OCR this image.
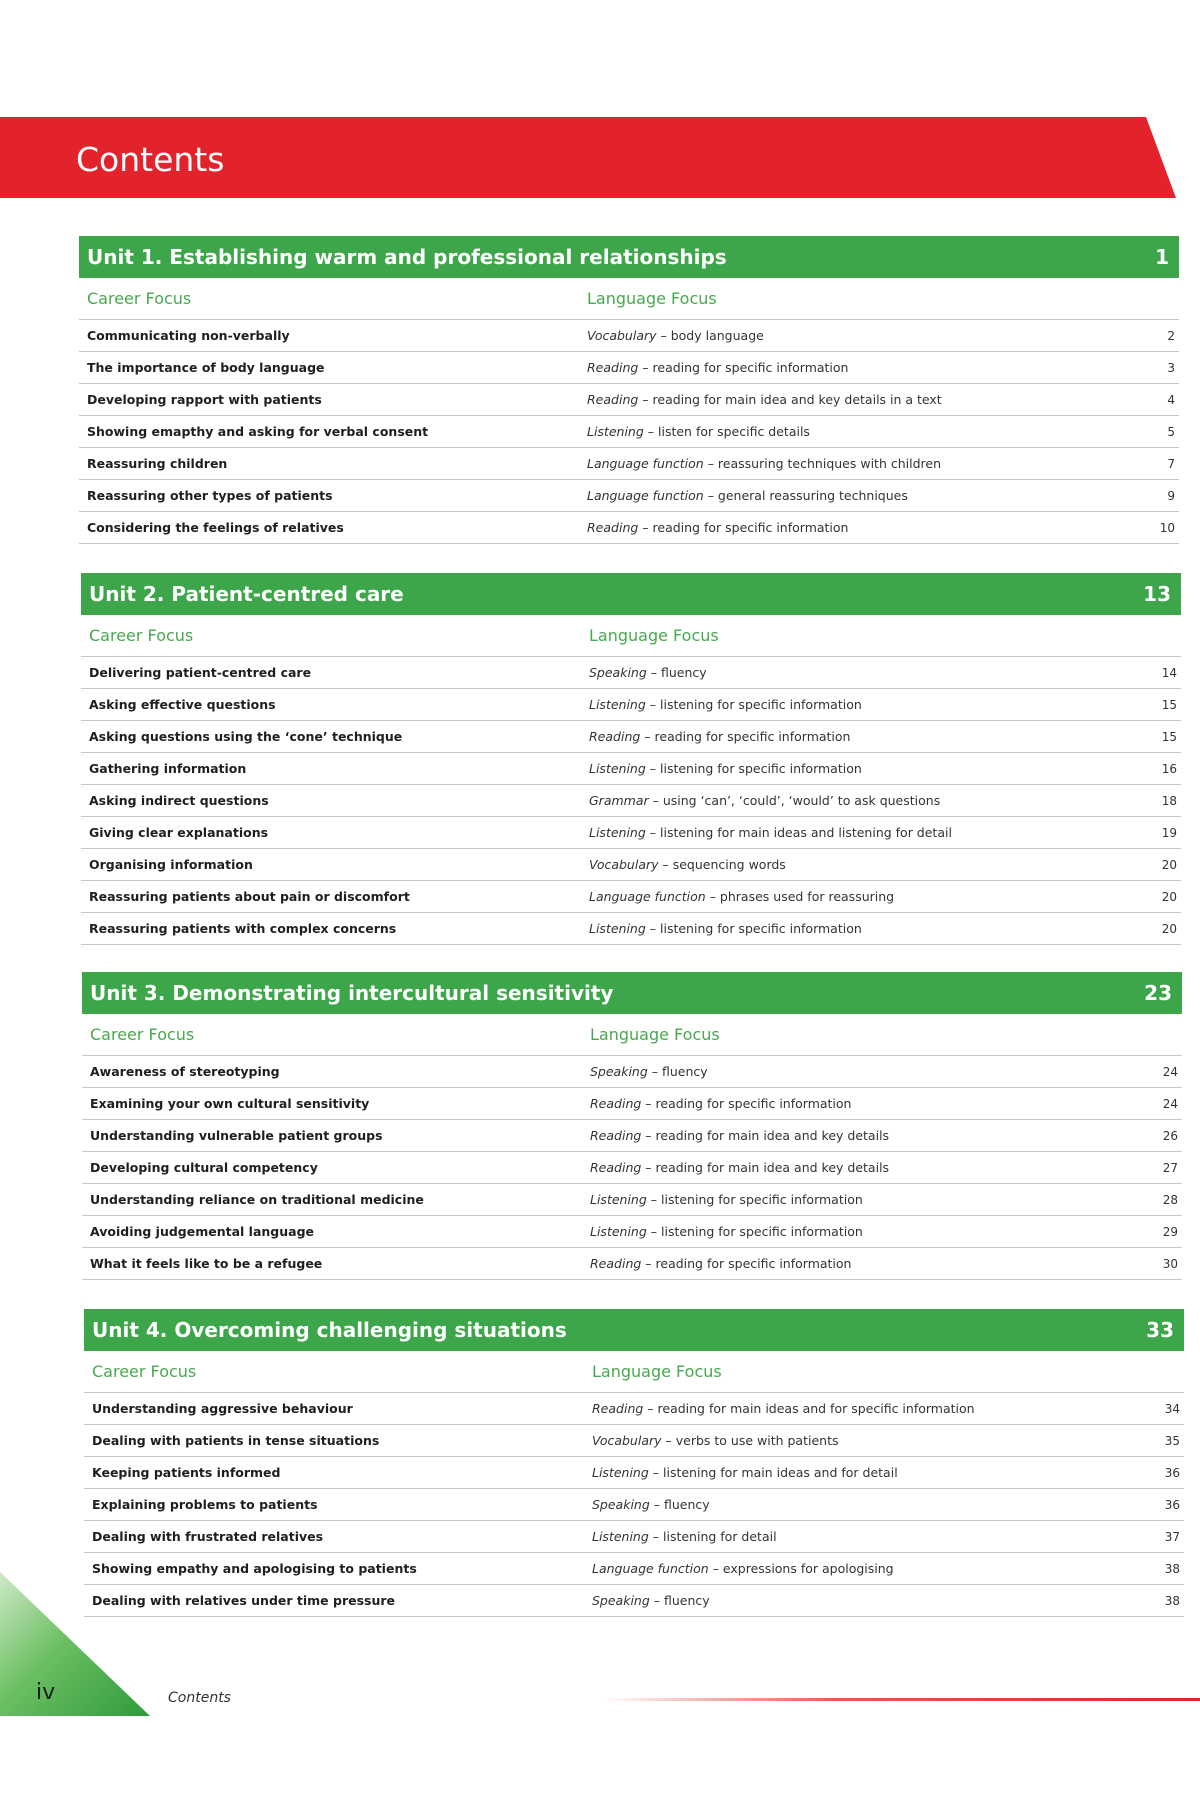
Contents
Unit 1. Establishing warm and professional relationships	1
Career Focus	Language Focus
Communicating non-verbally	Vocabulary – body language	2
The importance of body language	Reading – reading for specific information	3
Developing rapport with patients	Reading – reading for main idea and key details in a text	4
Showing emapthy and asking for verbal consent	Listening – listen for specific details	5
Reassuring children	Language function – reassuring techniques with children	7
Reassuring other types of patients	Language function – general reassuring techniques	9
Considering the feelings of relatives	Reading – reading for specific information	10
Unit 2. Patient-centred care	13
Career Focus	Language Focus
Delivering patient-centred care	Speaking – fluency	14
Asking effective questions	Listening – listening for specific information	15
Asking questions using the ‘cone’ technique	Reading – reading for specific information	15
Gathering information	Listening – listening for specific information	16
Asking indirect questions	Grammar – using ‘can’, ‘could’, ‘would’ to ask questions	18
Giving clear explanations	Listening – listening for main ideas and listening for detail	19
Organising information	Vocabulary – sequencing words	20
Reassuring patients about pain or discomfort	Language function – phrases used for reassuring	20
Reassuring patients with complex concerns	Listening – listening for specific information	20
Unit 3. Demonstrating intercultural sensitivity	23
Career Focus	Language Focus
Awareness of stereotyping	Speaking – fluency	24
Examining your own cultural sensitivity	Reading – reading for specific information	24
Understanding vulnerable patient groups	Reading – reading for main idea and key details	26
Developing cultural competency	Reading – reading for main idea and key details	27
Understanding reliance on traditional medicine	Listening – listening for specific information	28
Avoiding judgemental language	Listening – listening for specific information	29
What it feels like to be a refugee	Reading – reading for specific information	30
Unit 4. Overcoming challenging situations	33
Career Focus	Language Focus
Understanding aggressive behaviour	Reading – reading for main ideas and for specific information	34
Dealing with patients in tense situations	Vocabulary – verbs to use with patients	35
Keeping patients informed	Listening – listening for main ideas and for detail	36
Explaining problems to patients	Speaking – fluency	36
Dealing with frustrated relatives	Listening – listening for detail	37
Showing empathy and apologising to patients	Language function – expressions for apologising	38
Dealing with relatives under time pressure	Speaking – fluency	38
iv	Contents
